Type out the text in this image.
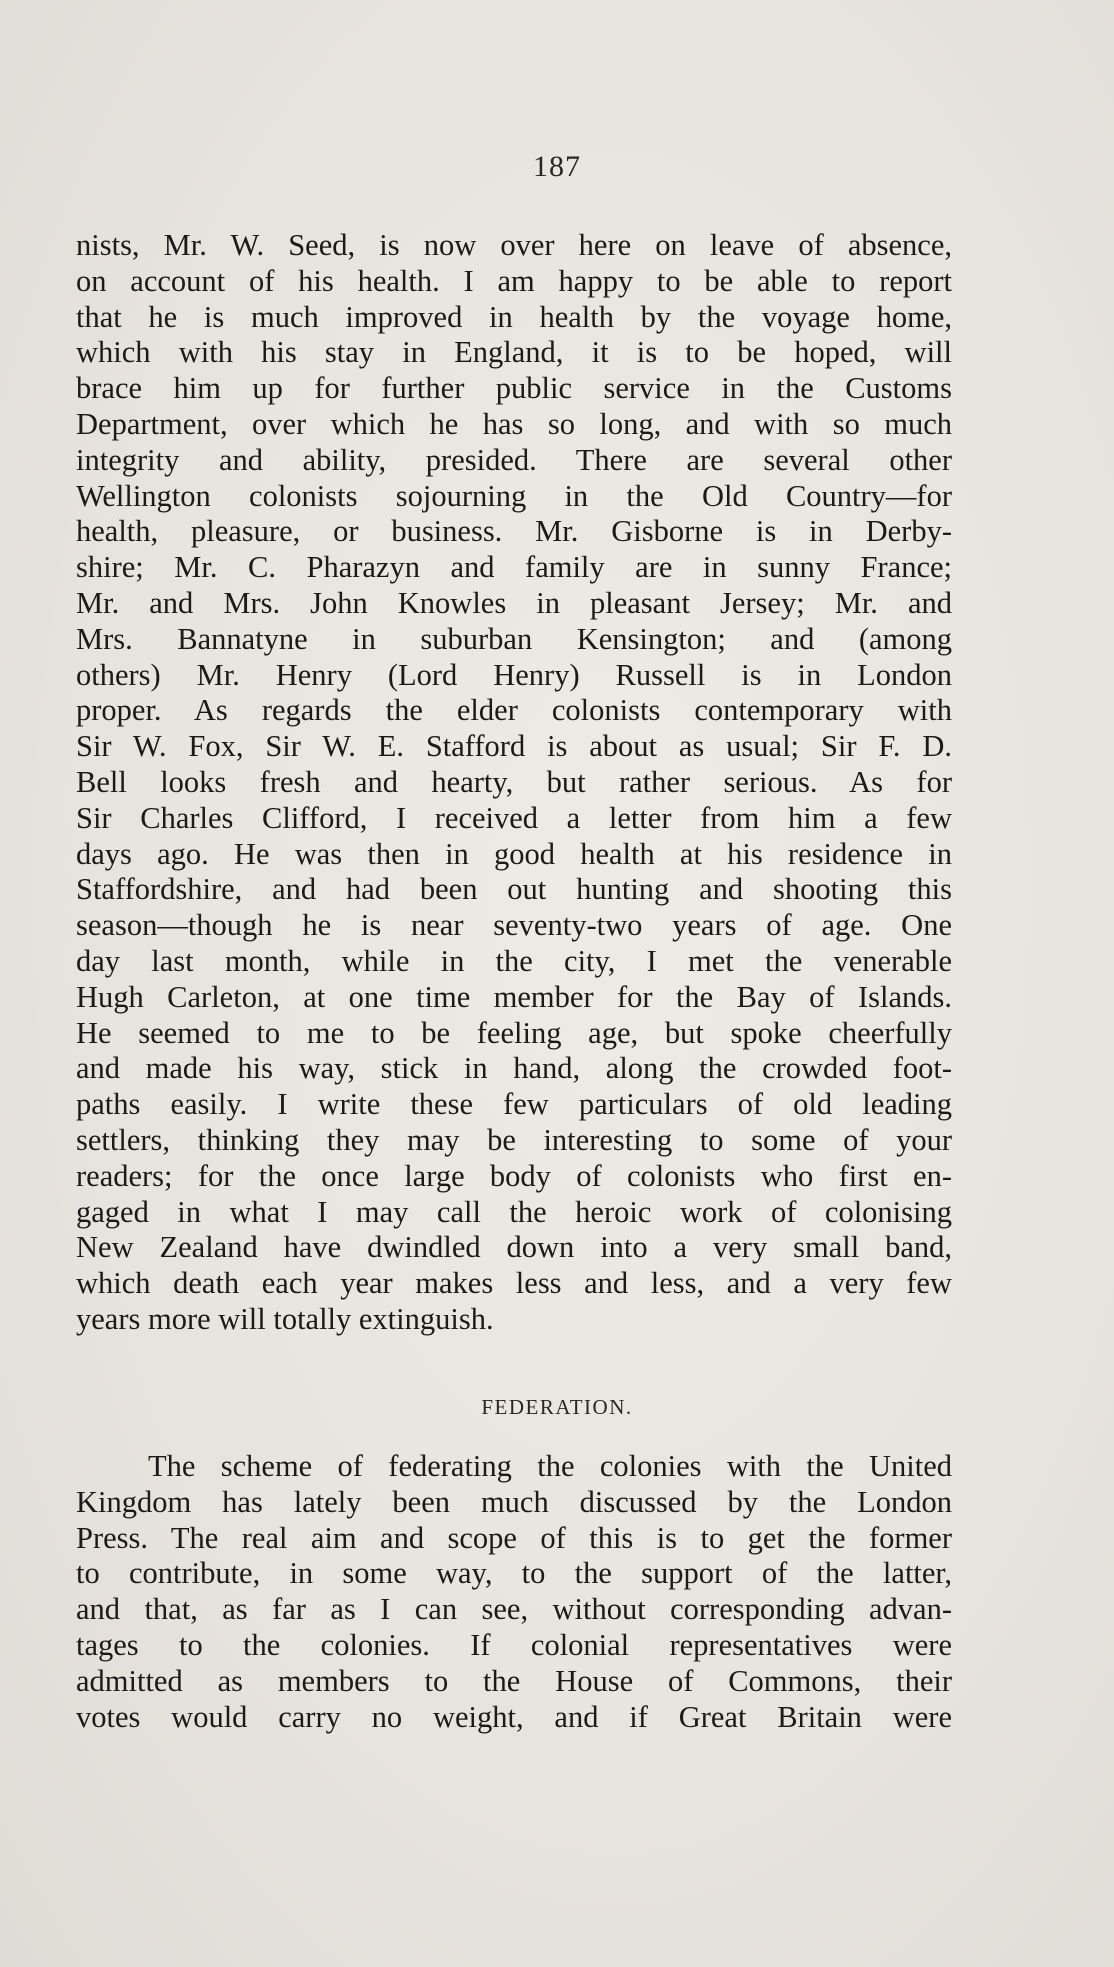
187
nists, Mr. W. Seed, is now over here on leave of absence,
on account of his health. I am happy to be able to report
that he is much improved in health by the voyage home,
which with his stay in England, it is to be hoped, will
brace him up for further public service in the Customs
Department, over which he has so long, and with so much
integrity and ability, presided. There are several other
Wellington colonists sojourning in the Old Country—for
health, pleasure, or business. Mr. Gisborne is in Derby-
shire; Mr. C. Pharazyn and family are in sunny France;
Mr. and Mrs. John Knowles in pleasant Jersey; Mr. and
Mrs. Bannatyne in suburban Kensington; and (among
others) Mr. Henry (Lord Henry) Russell is in London
proper. As regards the elder colonists contemporary with
Sir W. Fox, Sir W. E. Stafford is about as usual; Sir F. D.
Bell looks fresh and hearty, but rather serious. As for
Sir Charles Clifford, I received a letter from him a few
days ago. He was then in good health at his residence in
Staffordshire, and had been out hunting and shooting this
season—though he is near seventy-two years of age. One
day last month, while in the city, I met the venerable
Hugh Carleton, at one time member for the Bay of Islands.
He seemed to me to be feeling age, but spoke cheerfully
and made his way, stick in hand, along the crowded foot-
paths easily. I write these few particulars of old leading
settlers, thinking they may be interesting to some of your
readers; for the once large body of colonists who first en-
gaged in what I may call the heroic work of colonising
New Zealand have dwindled down into a very small band,
which death each year makes less and less, and a very few
years more will totally extinguish.
FEDERATION.
The scheme of federating the colonies with the United
Kingdom has lately been much discussed by the London
Press. The real aim and scope of this is to get the former
to contribute, in some way, to the support of the latter,
and that, as far as I can see, without corresponding advan-
tages to the colonies. If colonial representatives were
admitted as members to the House of Commons, their
votes would carry no weight, and if Great Britain were
